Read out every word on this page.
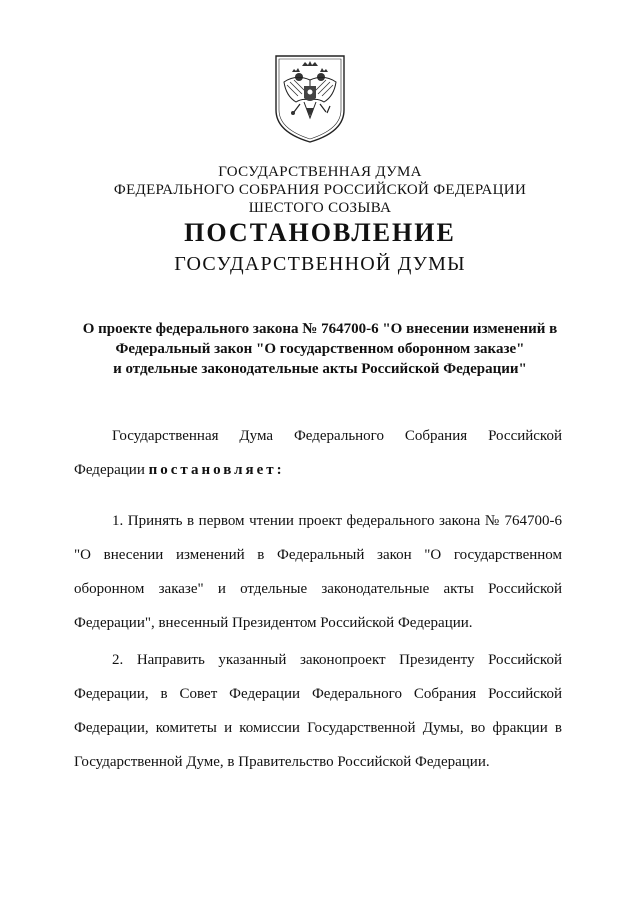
ГОСУДАРСТВЕННАЯ ДУМА
ФЕДЕРАЛЬНОГО СОБРАНИЯ РОССИЙСКОЙ ФЕДЕРАЦИИ
ШЕСТОГО СОЗЫВА
ПОСТАНОВЛЕНИЕ
ГОСУДАРСТВЕННОЙ ДУМЫ
О проекте федерального закона № 764700-6 "О внесении изменений в
Федеральный закон "О государственном оборонном заказе"
и отдельные законодательные акты Российской Федерации"
Государственная Дума Федерального Собрания Российской
Федерации постановляет:
1. Принять в первом чтении проект федерального закона № 764700-6
"О внесении изменений в Федеральный закон "О государственном
оборонном заказе" и отдельные законодательные акты Российской
Федерации", внесенный Президентом Российской Федерации.
2. Направить указанный законопроект Президенту Российской
Федерации, в Совет Федерации Федерального Собрания Российской
Федерации, комитеты и комиссии Государственной Думы, во фракции в
Государственной Думе, в Правительство Российской Федерации.
